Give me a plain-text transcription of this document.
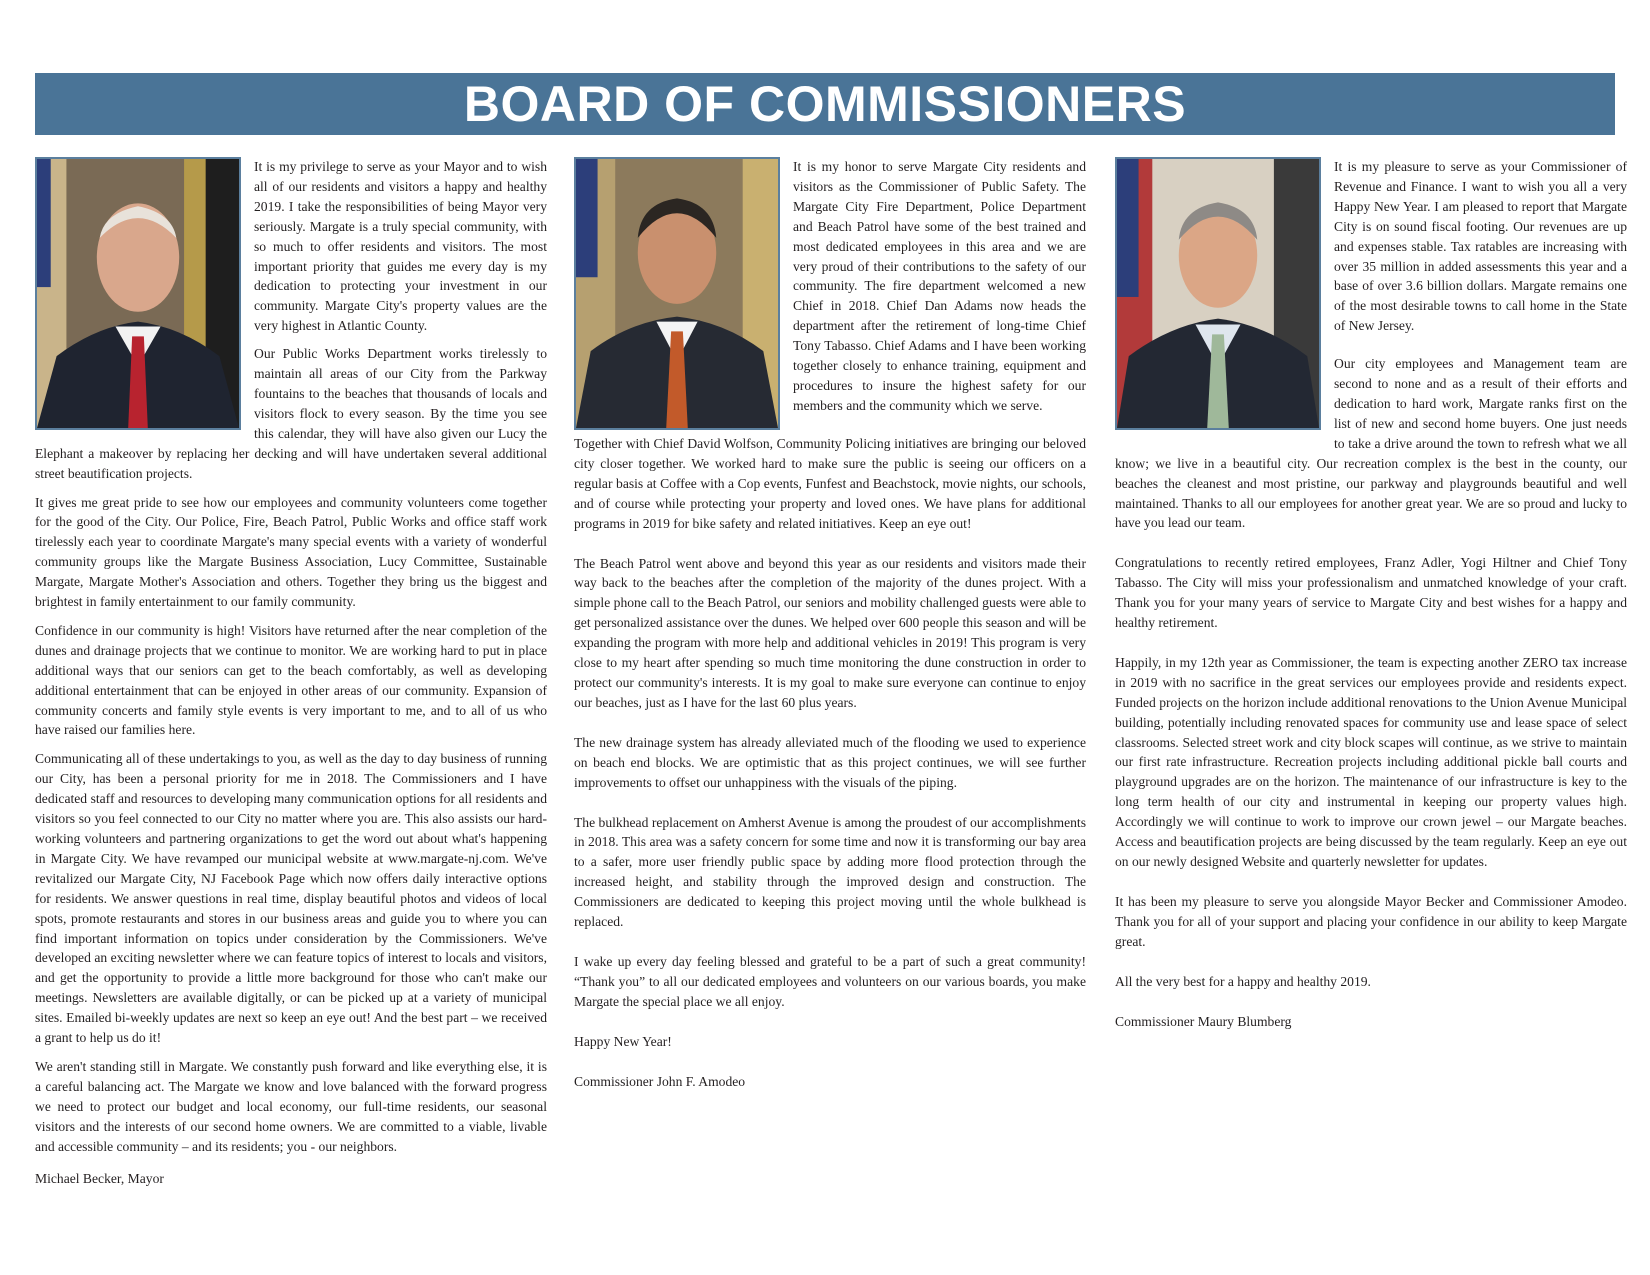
BOARD OF COMMISSIONERS

It is my privilege to serve as your Mayor and to wish all of our residents and visitors a happy and healthy 2019. I take the responsibilities of being Mayor very seriously. Margate is a truly special community, with so much to offer residents and visitors. The most important priority that guides me every day is my dedication to protecting your investment in our community. Margate City's property values are the very highest in Atlantic County.

Our Public Works Department works tirelessly to maintain all areas of our City from the Parkway fountains to the beaches that thousands of locals and visitors flock to every season. By the time you see this calendar, they will have also given our Lucy the Elephant a makeover by replacing her decking and will have undertaken several additional street beautification projects.

It gives me great pride to see how our employees and community volunteers come together for the good of the City. Our Police, Fire, Beach Patrol, Public Works and office staff work tirelessly each year to coordinate Margate's many special events with a variety of wonderful community groups like the Margate Business Association, Lucy Committee, Sustainable Margate, Margate Mother's Association and others. Together they bring us the biggest and brightest in family entertainment to our family community.

Confidence in our community is high! Visitors have returned after the near completion of the dunes and drainage projects that we continue to monitor. We are working hard to put in place additional ways that our seniors can get to the beach comfortably, as well as developing additional entertainment that can be enjoyed in other areas of our community. Expansion of community concerts and family style events is very important to me, and to all of us who have raised our families here.

Communicating all of these undertakings to you, as well as the day to day business of running our City, has been a personal priority for me in 2018. The Commissioners and I have dedicated staff and resources to developing many communication options for all residents and visitors so you feel connected to our City no matter where you are. This also assists our hard-working volunteers and partnering organizations to get the word out about what's happening in Margate City. We have revamped our municipal website at www.margate-nj.com. We've revitalized our Margate City, NJ Facebook Page which now offers daily interactive options for residents. We answer questions in real time, display beautiful photos and videos of local spots, promote restaurants and stores in our business areas and guide you to where you can find important information on topics under consideration by the Commissioners. We've developed an exciting newsletter where we can feature topics of interest to locals and visitors, and get the opportunity to provide a little more background for those who can't make our meetings. Newsletters are available digitally, or can be picked up at a variety of municipal sites. Emailed bi-weekly updates are next so keep an eye out! And the best part – we received a grant to help us do it!

We aren't standing still in Margate. We constantly push forward and like everything else, it is a careful balancing act. The Margate we know and love balanced with the forward progress we need to protect our budget and local economy, our full-time residents, our seasonal visitors and the interests of our second home owners. We are committed to a viable, livable and accessible community – and its residents; you - our neighbors.

Michael Becker, Mayor

It is my honor to serve Margate City residents and visitors as the Commissioner of Public Safety. The Margate City Fire Department, Police Department and Beach Patrol have some of the best trained and most dedicated employees in this area and we are very proud of their contributions to the safety of our community. The fire department welcomed a new Chief in 2018. Chief Dan Adams now heads the department after the retirement of long-time Chief Tony Tabasso. Chief Adams and I have been working together closely to enhance training, equipment and procedures to insure the highest safety for our members and the community which we serve.

Together with Chief David Wolfson, Community Policing initiatives are bringing our beloved city closer together. We worked hard to make sure the public is seeing our officers on a regular basis at Coffee with a Cop events, Funfest and Beachstock, movie nights, our schools, and of course while protecting your property and loved ones. We have plans for additional programs in 2019 for bike safety and related initiatives. Keep an eye out!

The Beach Patrol went above and beyond this year as our residents and visitors made their way back to the beaches after the completion of the majority of the dunes project. With a simple phone call to the Beach Patrol, our seniors and mobility challenged guests were able to get personalized assistance over the dunes. We helped over 600 people this season and will be expanding the program with more help and additional vehicles in 2019! This program is very close to my heart after spending so much time monitoring the dune construction in order to protect our community's interests. It is my goal to make sure everyone can continue to enjoy our beaches, just as I have for the last 60 plus years.

The new drainage system has already alleviated much of the flooding we used to experience on beach end blocks. We are optimistic that as this project continues, we will see further improvements to offset our unhappiness with the visuals of the piping.

The bulkhead replacement on Amherst Avenue is among the proudest of our accomplishments in 2018. This area was a safety concern for some time and now it is transforming our bay area to a safer, more user friendly public space by adding more flood protection through the increased height, and stability through the improved design and construction. The Commissioners are dedicated to keeping this project moving until the whole bulkhead is replaced.

I wake up every day feeling blessed and grateful to be a part of such a great community! “Thank you” to all our dedicated employees and volunteers on our various boards, you make Margate the special place we all enjoy.

Happy New Year!

Commissioner John F. Amodeo

It is my pleasure to serve as your Commissioner of Revenue and Finance. I want to wish you all a very Happy New Year. I am pleased to report that Margate City is on sound fiscal footing. Our revenues are up and expenses stable. Tax ratables are increasing with over 35 million in added assessments this year and a base of over 3.6 billion dollars. Margate remains one of the most desirable towns to call home in the State of New Jersey.

Our city employees and Management team are second to none and as a result of their efforts and dedication to hard work, Margate ranks first on the list of new and second home buyers. One just needs to take a drive around the town to refresh what we all know; we live in a beautiful city. Our recreation complex is the best in the county, our beaches the cleanest and most pristine, our parkway and playgrounds beautiful and well maintained. Thanks to all our employees for another great year. We are so proud and lucky to have you lead our team.

Congratulations to recently retired employees, Franz Adler, Yogi Hiltner and Chief Tony Tabasso. The City will miss your professionalism and unmatched knowledge of your craft. Thank you for your many years of service to Margate City and best wishes for a happy and healthy retirement.

Happily, in my 12th year as Commissioner, the team is expecting another ZERO tax increase in 2019 with no sacrifice in the great services our employees provide and residents expect. Funded projects on the horizon include additional renovations to the Union Avenue Municipal building, potentially including renovated spaces for community use and lease space of select classrooms. Selected street work and city block scapes will continue, as we strive to maintain our first rate infrastructure. Recreation projects including additional pickle ball courts and playground upgrades are on the horizon. The maintenance of our infrastructure is key to the long term health of our city and instrumental in keeping our property values high. Accordingly we will continue to work to improve our crown jewel – our Margate beaches. Access and beautification projects are being discussed by the team regularly. Keep an eye out on our newly designed Website and quarterly newsletter for updates.

It has been my pleasure to serve you alongside Mayor Becker and Commissioner Amodeo. Thank you for all of your support and placing your confidence in our ability to keep Margate great.

All the very best for a happy and healthy 2019.

Commissioner Maury Blumberg
